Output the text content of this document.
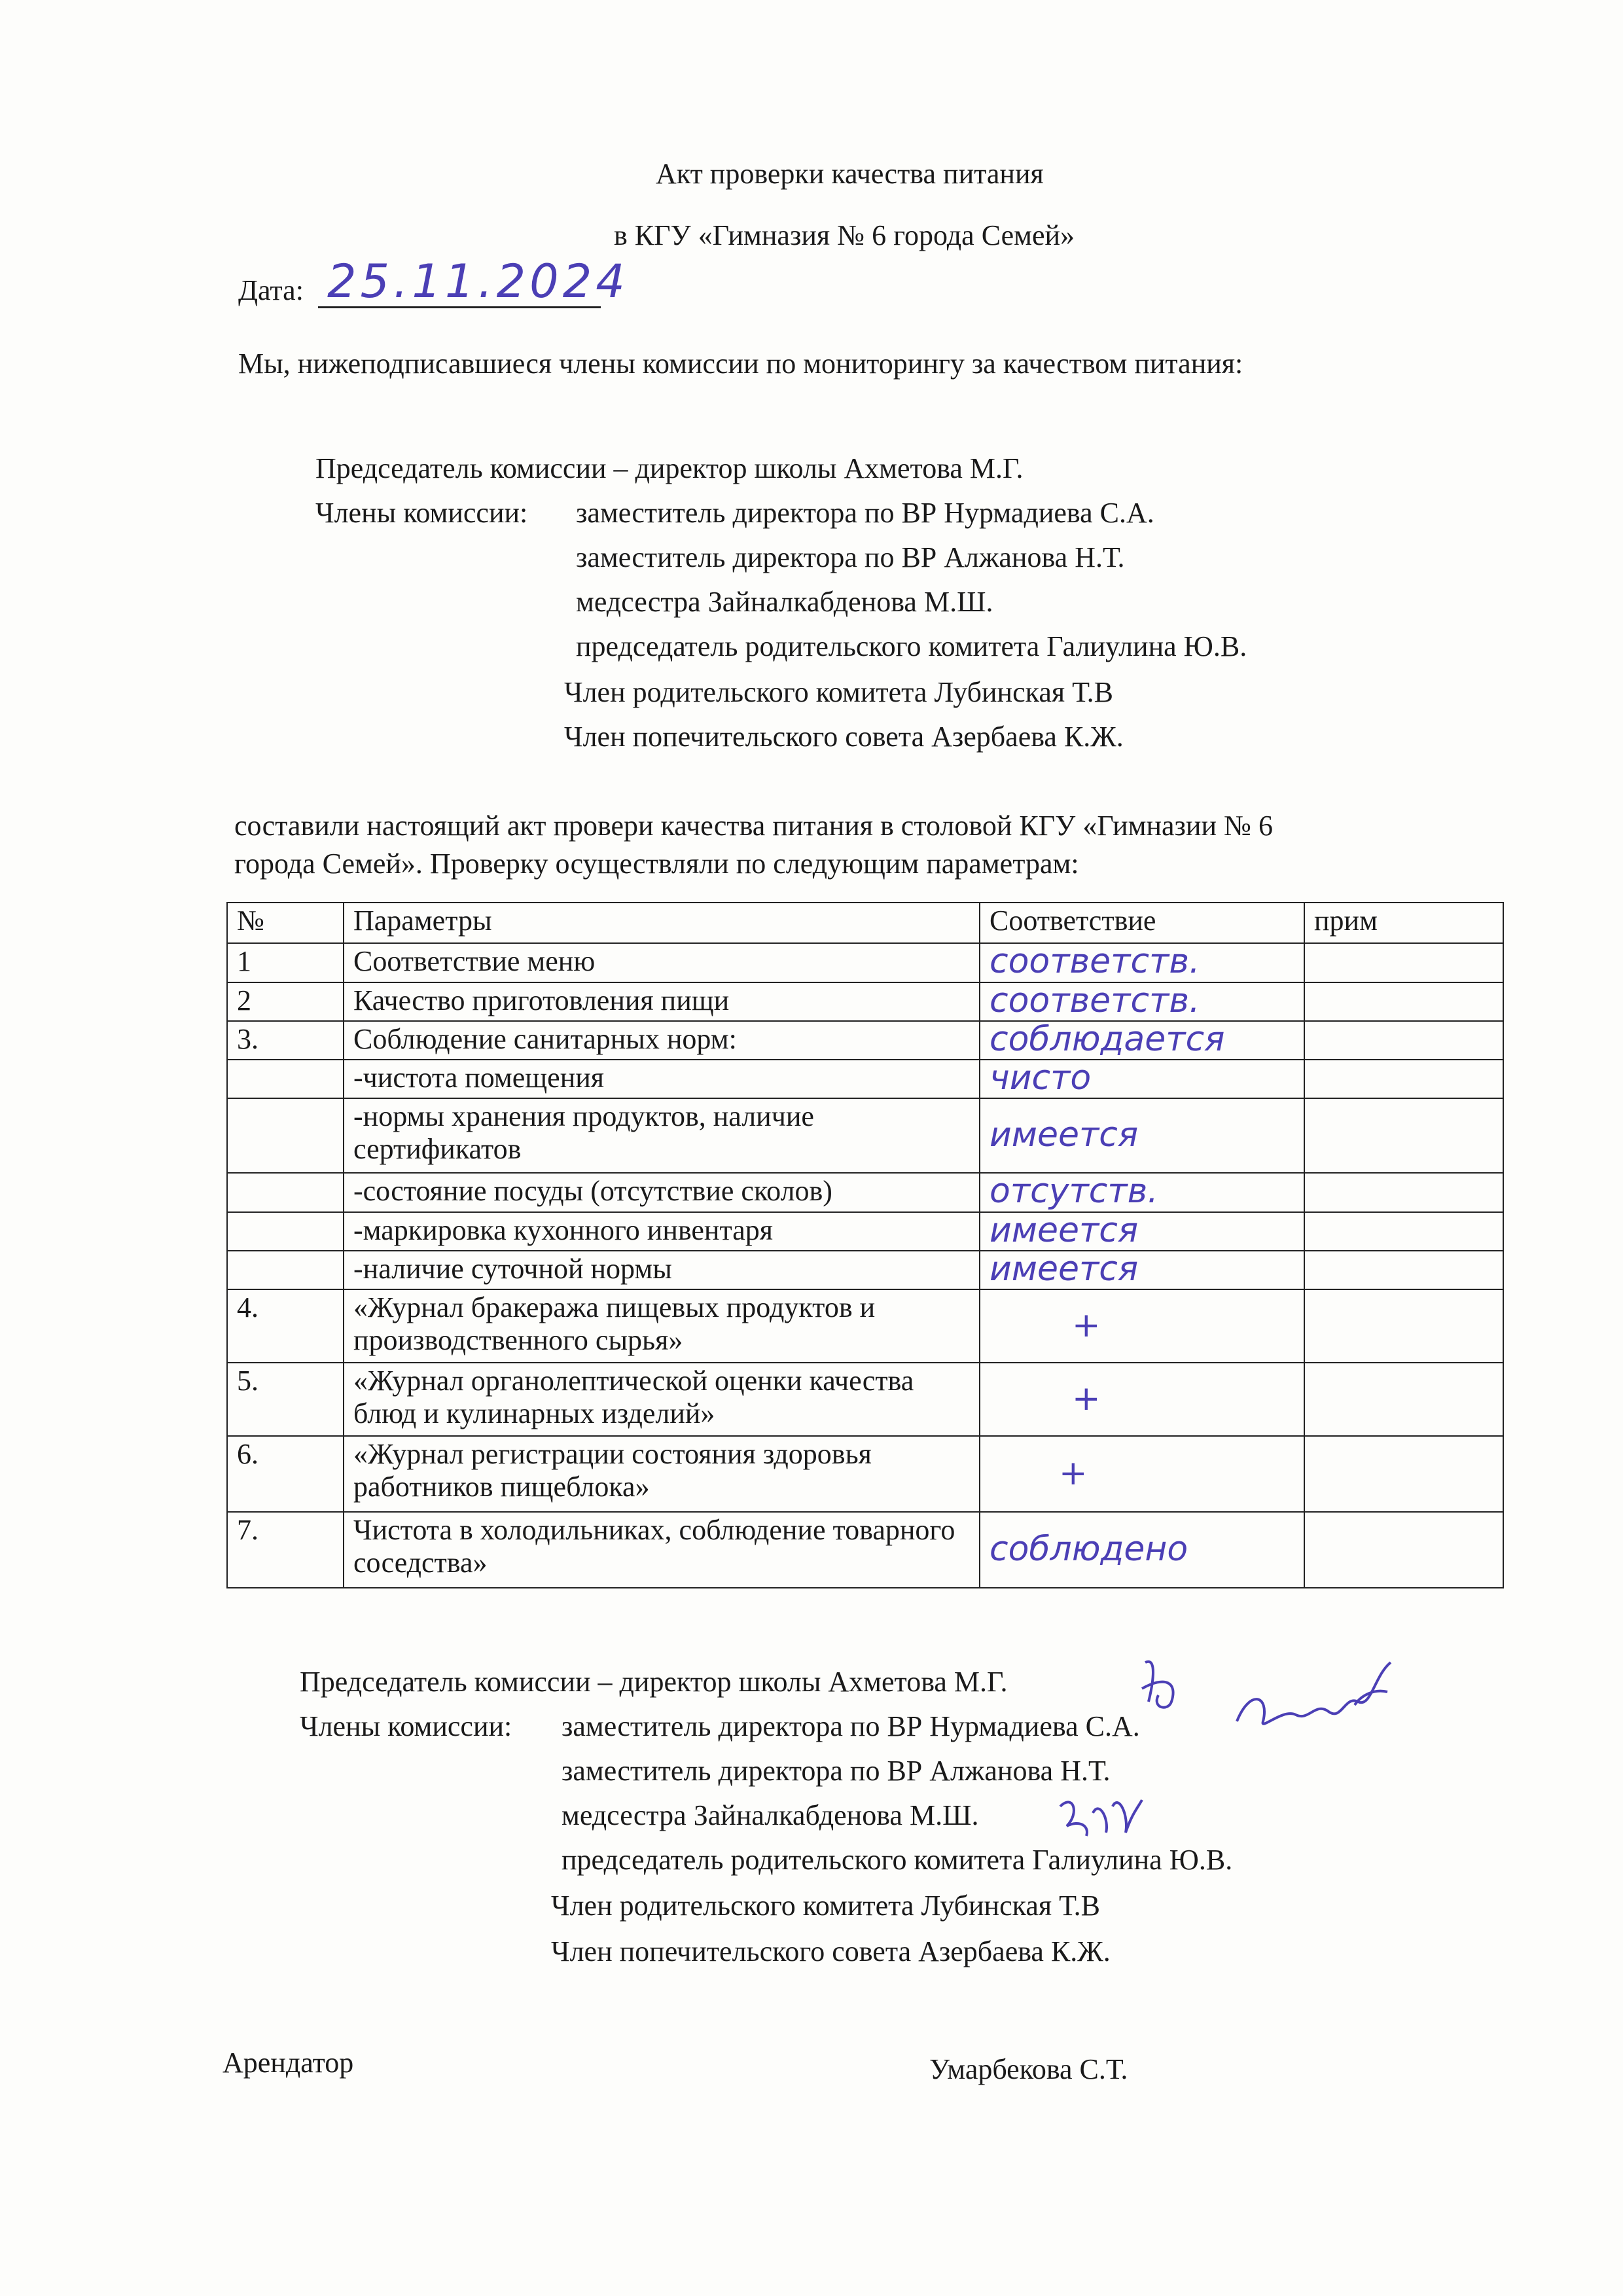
Акт проверки качества питания
в КГУ «Гимназия № 6 города Семей»
Дата: 25.11.2024
Мы, нижеподписавшиеся члены комиссии по мониторингу за качеством питания:
Председатель комиссии – директор школы Ахметова М.Г.
Члены комиссии: заместитель директора по ВР Нурмадиева С.А.
заместитель директора по ВР Алжанова Н.Т.
медсестра Зайналкабденова М.Ш.
председатель родительского комитета Галиулина Ю.В.
Член родительского комитета Лубинская Т.В
Член попечительского совета Азербаева К.Ж.
составили настоящий акт провери качества питания в столовой КГУ «Гимназии № 6
города Семей». Проверку осуществляли по следующим параметрам:
№	Параметры	Соответствие	прим
1	Соответствие меню	соответств.	
2	Качество приготовления пищи	соответств.	
3.	Соблюдение санитарных норм:	соблюдается	
	-чистота помещения	чисто	
	-нормы хранения продуктов, наличие сертификатов	имеется	
	-состояние посуды (отсутствие сколов)	отсутств.	
	-маркировка кухонного инвентаря	имеется	
	-наличие суточной нормы	имеется	
4.	«Журнал бракеража пищевых продуктов и производственного сырья»	+	
5.	«Журнал органолептической оценки качества блюд и кулинарных изделий»	+	
6.	«Журнал регистрации состояния здоровья работников пищеблока»	+	
7.	Чистота в холодильниках, соблюдение товарного соседства»	соблюдено	
Председатель комиссии – директор школы Ахметова М.Г.
Члены комиссии: заместитель директора по ВР Нурмадиева С.А.
заместитель директора по ВР Алжанова Н.Т.
медсестра Зайналкабденова М.Ш.
председатель родительского комитета Галиулина Ю.В.
Член родительского комитета Лубинская Т.В
Член попечительского совета Азербаева К.Ж.
Арендатор	Умарбекова С.Т.
